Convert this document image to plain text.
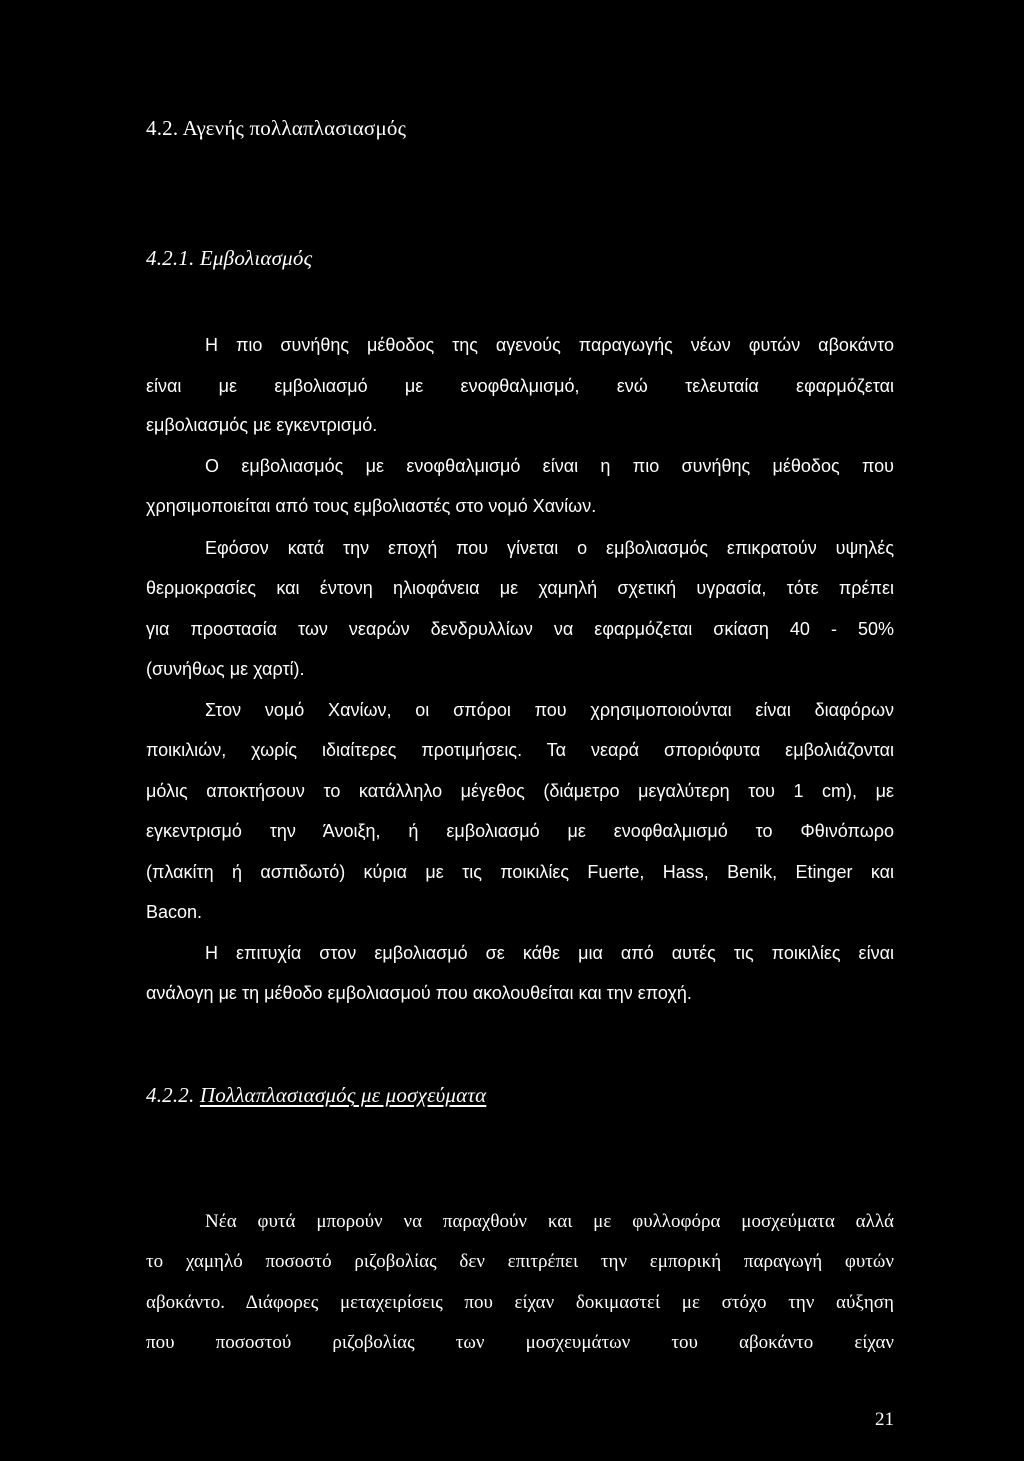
4.2. Αγενής πολλαπλασιασμός
4.2.1. Εμβολιασμός
Η πιο συνήθης μέθοδος της αγενούς παραγωγής νέων φυτών αβοκάντο
είναι με εμβολιασμό με ενοφθαλμισμό, ενώ τελευταία εφαρμόζεται
εμβολιασμός με εγκεντρισμό.
Ο εμβολιασμός με ενοφθαλμισμό είναι η πιο συνήθης μέθοδος που
χρησιμοποιείται από τους εμβολιαστές στο νομό Χανίων.
Εφόσον κατά την εποχή που γίνεται ο εμβολιασμός επικρατούν υψηλές
θερμοκρασίες και έντονη ηλιοφάνεια με χαμηλή σχετική υγρασία, τότε πρέπει
για προστασία των νεαρών δενδρυλλίων να εφαρμόζεται σκίαση 40 - 50%
(συνήθως με χαρτί).
Στον νομό Χανίων, οι σπόροι που χρησιμοποιούνται είναι διαφόρων
ποικιλιών, χωρίς ιδιαίτερες προτιμήσεις. Τα νεαρά σποριόφυτα εμβολιάζονται
μόλις αποκτήσουν το κατάλληλο μέγεθος (διάμετρο μεγαλύτερη του 1 cm), με
εγκεντρισμό την Άνοιξη, ή εμβολιασμό με ενοφθαλμισμό το Φθινόπωρο
(πλακίτη ή ασπιδωτό) κύρια με τις ποικιλίες Fuerte, Hass, Benik, Etinger και
Bacon.
Η επιτυχία στον εμβολιασμό σε κάθε μια από αυτές τις ποικιλίες είναι
ανάλογη με τη μέθοδο εμβολιασμού που ακολουθείται και την εποχή.
4.2.2. Πολλαπλασιασμός με μοσχεύματα
Νέα φυτά μπορούν να παραχθούν και με φυλλοφόρα μοσχεύματα αλλά
το χαμηλό ποσοστό ριζοβολίας δεν επιτρέπει την εμπορική παραγωγή φυτών
αβοκάντο. Διάφορες μεταχειρίσεις που είχαν δοκιμαστεί με στόχο την αύξηση
που ποσοστού ριζοβολίας των μοσχευμάτων του αβοκάντο είχαν
21
